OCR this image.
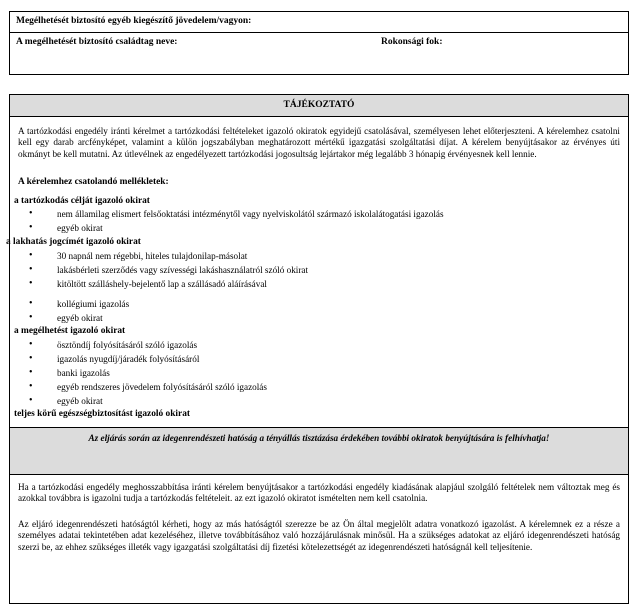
Megélhetését biztosító egyéb kiegészítő jövedelem/vagyon:
A megélhetését biztosító családtag neve:	Rokonsági fok:
TÁJÉKOZTATÓ
A tartózkodási engedély iránti kérelmet a tartózkodási feltételeket igazoló okiratok egyidejű csatolásával, személyesen lehet előterjeszteni. A kérelemhez csatolni kell egy darab arcfényképet, valamint a külön jogszabályban meghatározott mértékű igazgatási szolgáltatási díjat. A kérelem benyújtásakor az érvényes úti okmányt be kell mutatni. Az útlevélnek az engedélyezett tartózkodási jogosultság lejártakor még legalább 3 hónapig érvényesnek kell lennie.
A kérelemhez csatolandó mellékletek:
a tartózkodás célját igazoló okirat
• nem államilag elismert felsőoktatási intézménytől vagy nyelviskolától származó iskolalátogatási igazolás
• egyéb okirat
a lakhatás jogcímét igazoló okirat
• 30 napnál nem régebbi, hiteles tulajdonilap-másolat
• lakásbérleti szerződés vagy szívességi lakáshasználatról szóló okirat
• kitöltött szálláshely-bejelentő lap a szállásadó aláírásával
• kollégiumi igazolás
• egyéb okirat
a megélhetést igazoló okirat
• ösztöndíj folyósításáról szóló igazolás
• igazolás nyugdíj/járadék folyósításáról
• banki igazolás
• egyéb rendszeres jövedelem folyósításáról szóló igazolás
• egyéb okirat
teljes körű egészségbiztosítást igazoló okirat
Az eljárás során az idegenrendészeti hatóság a tényállás tisztázása érdekében további okiratok benyújtására is felhívhatja!
Ha a tartózkodási engedély meghosszabbítása iránti kérelem benyújtásakor a tartózkodási engedély kiadásának alapjául szolgáló feltételek nem változtak meg és azokkal továbbra is igazolni tudja a tartózkodás feltételeit. az ezt igazoló okiratot ismételten nem kell csatolnia.
Az eljáró idegenrendészeti hatóságtól kérheti, hogy az más hatóságtól szerezze be az Ön által megjelölt adatra vonatkozó igazolást. A kérelemnek ez a része a személyes adatai tekintetében adat kezeléséhez, illetve továbbításához való hozzájárulásnak minősül. Ha a szükséges adatokat az eljáró idegenrendészeti hatóság szerzi be, az ehhez szükséges illeték vagy igazgatási szolgáltatási díj fizetési kötelezettségét az idegenrendészeti hatóságnál kell teljesítenie.
